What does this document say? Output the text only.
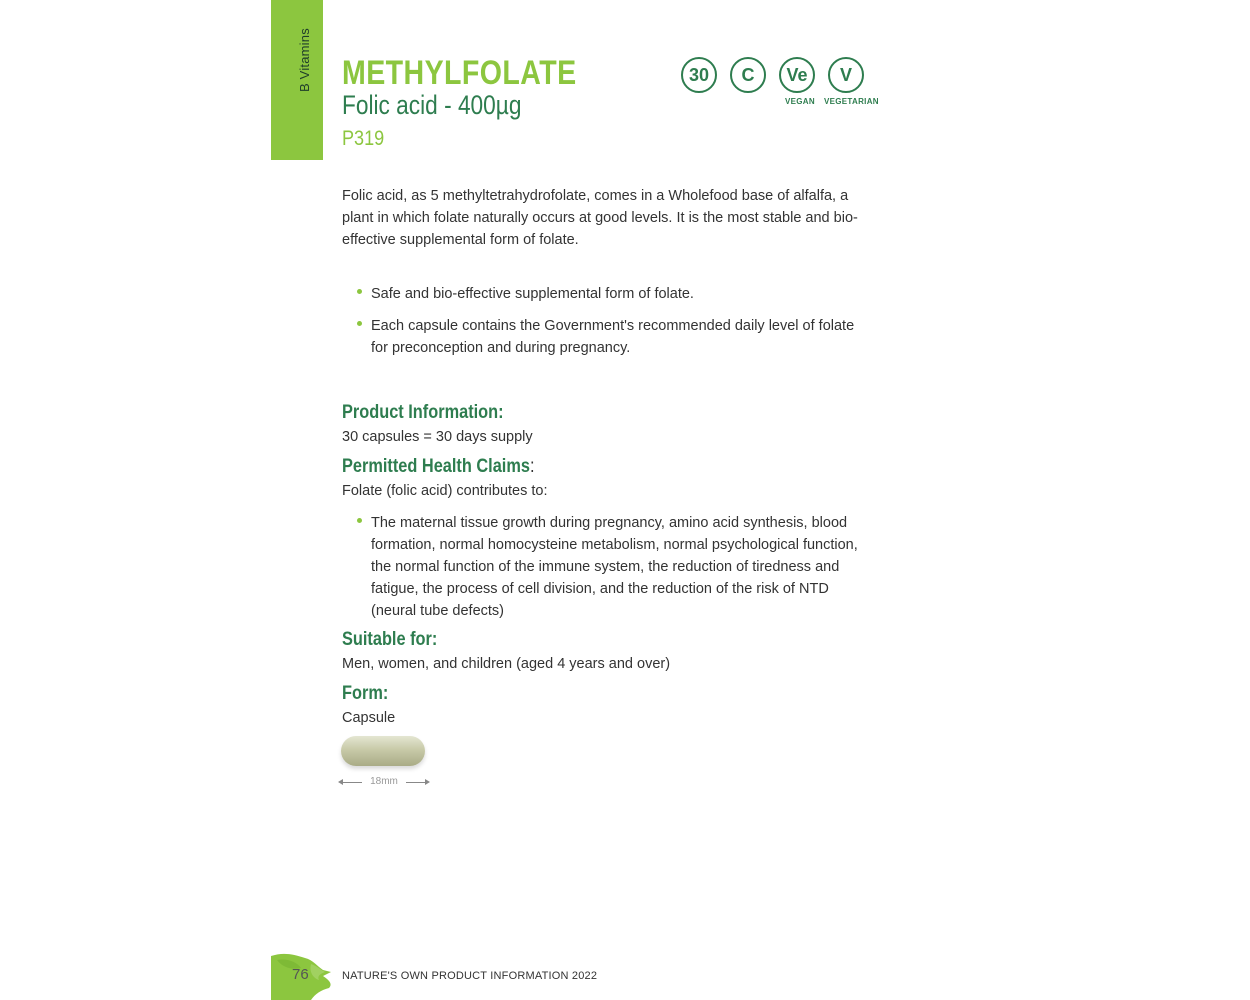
B Vitamins METHYLFOLATE
Folic acid - 400µg
P319
30 C Ve
VEGAN
V
VEGETARIAN

Folic acid, as 5 methyltetrahydrofolate, comes in a Wholefood base of alfalfa, a plant in which folate naturally occurs at good levels. It is the most stable and bio-effective supplemental form of folate.

Safe and bio-effective supplemental form of folate.
Each capsule contains the Government's recommended daily level of folate for preconception and during pregnancy.
Product Information:

30 capsules = 30 days supply

Permitted Health Claims:

Folate (folic acid) contributes to:

The maternal tissue growth during pregnancy, amino acid synthesis, blood formation, normal homocysteine metabolism, normal psychological function, the normal function of the immune system, the reduction of tiredness and fatigue, the process of cell division, and the reduction of the risk of NTD (neural tube defects)
Suitable for:

Men, women, and children (aged 4 years and over)

Form:

Capsule

18mm
76	NATURE'S OWN PRODUCT INFORMATION 2022
